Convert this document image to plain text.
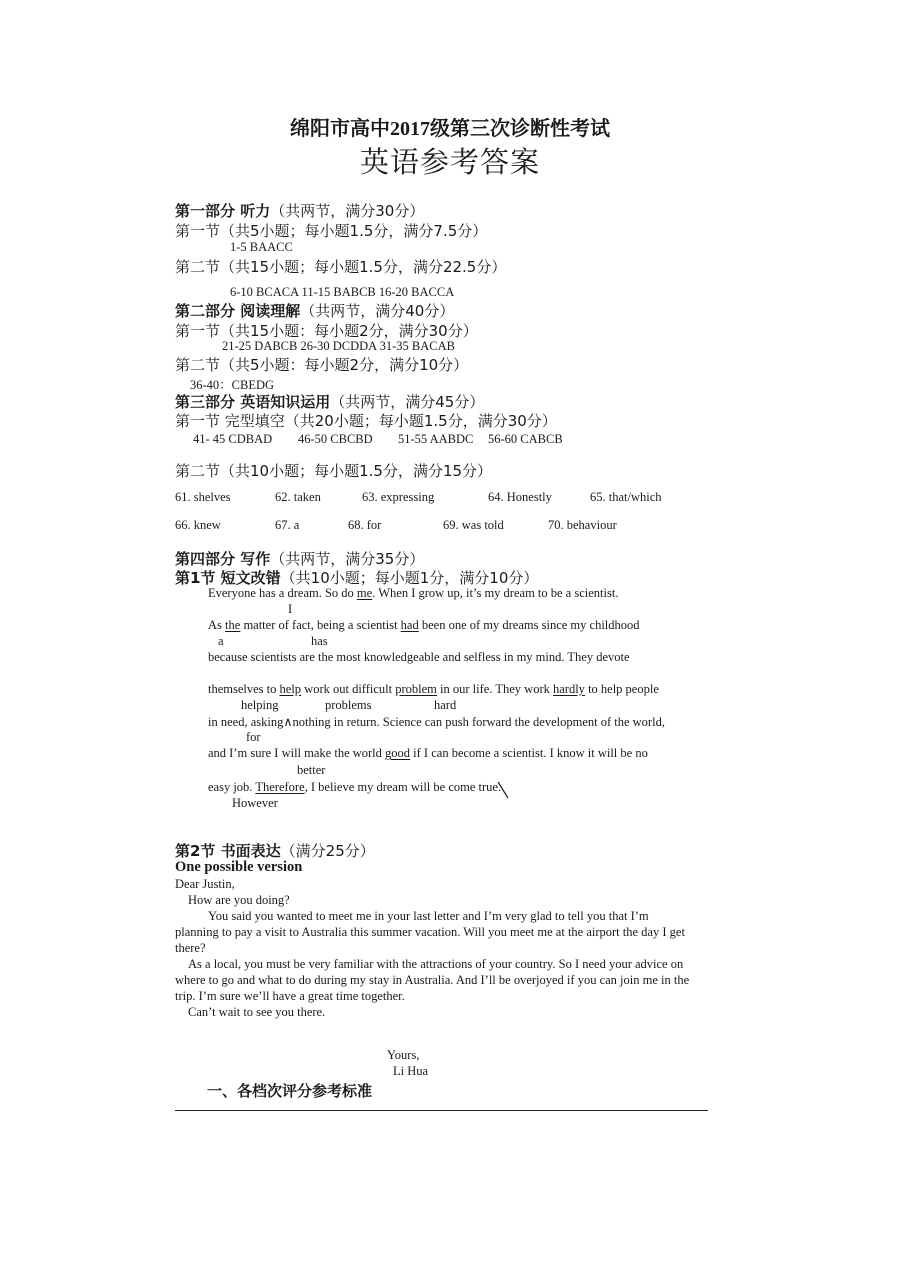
绵阳市高中2017级第三次诊断性考试
英语参考答案
第一部分 听力（共两节，满分30分）
第一节（共5小题；每小题1.5分，满分7.5分）
1-5 BAACC
第二节（共15小题；每小题1.5分，满分22.5分）
6-10 BCACA 11-15 BABCB 16-20 BACCA
第二部分 阅读理解（共两节，满分40分）
第一节（共15小题：每小题2分，满分30分）
21-25 DABCB 26-30 DCDDA 31-35 BACAB
第二节（共5小题：每小题2分，满分10分）
36-40：CBEDG
第三部分 英语知识运用（共两节，满分45分）
第一节 完型填空（共20小题；每小题1.5分，满分30分）
41- 45 CDBAD 46-50 CBCBD 51-55 AABDC 56-60 CABCB
第二节（共10小题；每小题1.5分，满分15分）
61. shelves	62. taken	63. expressing	64. Honestly	65. that/which
66. knew	67. a	68. for	69. was told	70. behaviour
第四部分 写作（共两节，满分35分）
第1节 短文改错（共10小题；每小题1分，满分10分）
Everyone has a dream. So do me. When I grow up, it’s my dream to be a scientist.
I
As the matter of fact, being a scientist had been one of my dreams since my childhood
a	has
because scientists are the most knowledgeable and selfless in my mind. They devote
themselves to help work out difficult problem in our life. They work hardly to help people
helping	problems	hard
in need, asking∧nothing in return. Science can push forward the development of the world,
for
and I’m sure I will make the world good if I can become a scientist. I know it will be no
better
easy job. Therefore, I believe my dream will be come true.
However
第2节 书面表达（满分25分）
One possible version
Dear Justin,
How are you doing?
You said you wanted to meet me in your last letter and I’m very glad to tell you that I’m
planning to pay a visit to Australia this summer vacation. Will you meet me at the airport the day I get
there?
As a local, you must be very familiar with the attractions of your country. So I need your advice on
where to go and what to do during my stay in Australia. And I’ll be overjoyed if you can join me in the
trip. I’m sure we’ll have a great time together.
Can’t wait to see you there.
Yours,
Li Hua
一、各档次评分参考标准
